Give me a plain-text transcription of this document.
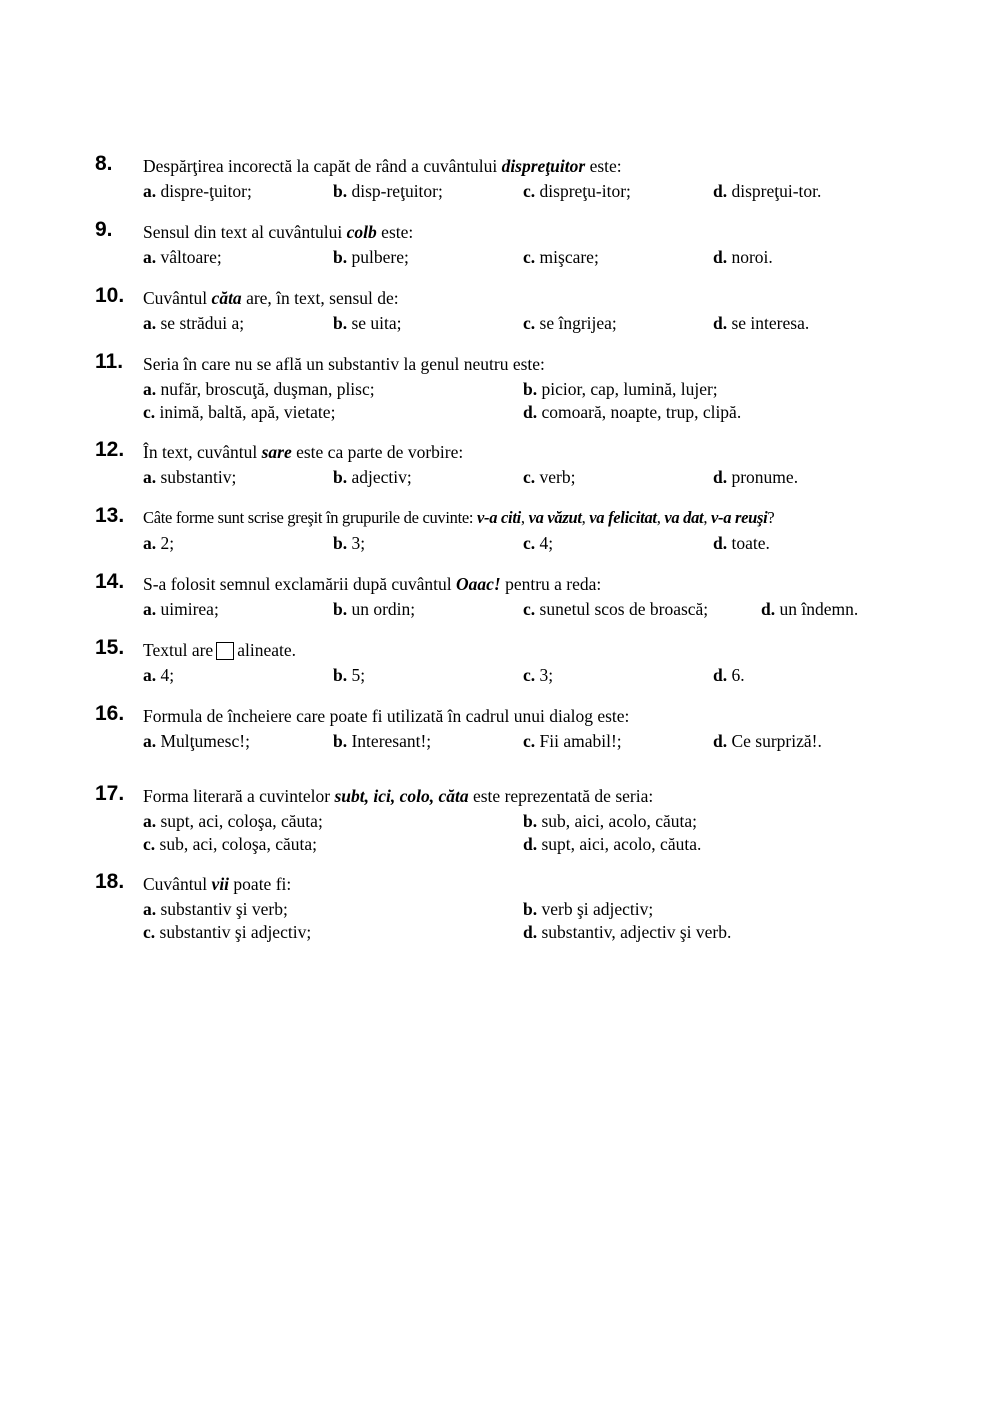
8. Despărţirea incorectă la capăt de rând a cuvântului dispreţuitor este:
a. dispre-ţuitor;	b. disp-reţuitor;	c. dispreţu-itor;	d. dispreţui-tor.
9. Sensul din text al cuvântului colb este:
a. vâltoare;	b. pulbere;	c. mişcare;	d. noroi.
10. Cuvântul căta are, în text, sensul de:
a. se strădui a;	b. se uita;	c. se îngrijea;	d. se interesa.
11. Seria în care nu se află un substantiv la genul neutru este:
a. nufăr, broscuţă, duşman, plisc;	b. picior, cap, lumină, lujer;
c. inimă, baltă, apă, vietate;	d. comoară, noapte, trup, clipă.
12. În text, cuvântul sare este ca parte de vorbire:
a. substantiv;	b. adjectiv;	c. verb;	d. pronume.
13. Câte forme sunt scrise greşit în grupurile de cuvinte: v-a citi, va văzut, va felicitat, va dat, v-a reuşi?
a. 2;	b. 3;	c. 4;	d. toate.
14. S-a folosit semnul exclamării după cuvântul Oaac! pentru a reda:
a. uimirea;	b. un ordin;	c. sunetul scos de broască;	d. un îndemn.
15. Textul are alineate.
a. 4;	b. 5;	c. 3;	d. 6.
16. Formula de încheiere care poate fi utilizată în cadrul unui dialog este:
a. Mulţumesc!;	b. Interesant!;	c. Fii amabil!;	d. Ce surpriză!.
17. Forma literară a cuvintelor subt, ici, colo, căta este reprezentată de seria:
a. supt, aci, coloşa, căuta;	b. sub, aici, acolo, căuta;
c. sub, aci, coloşa, căuta;	d. supt, aici, acolo, căuta.
18. Cuvântul vii poate fi:
a. substantiv şi verb;	b. verb şi adjectiv;
c. substantiv şi adjectiv;	d. substantiv, adjectiv şi verb.
